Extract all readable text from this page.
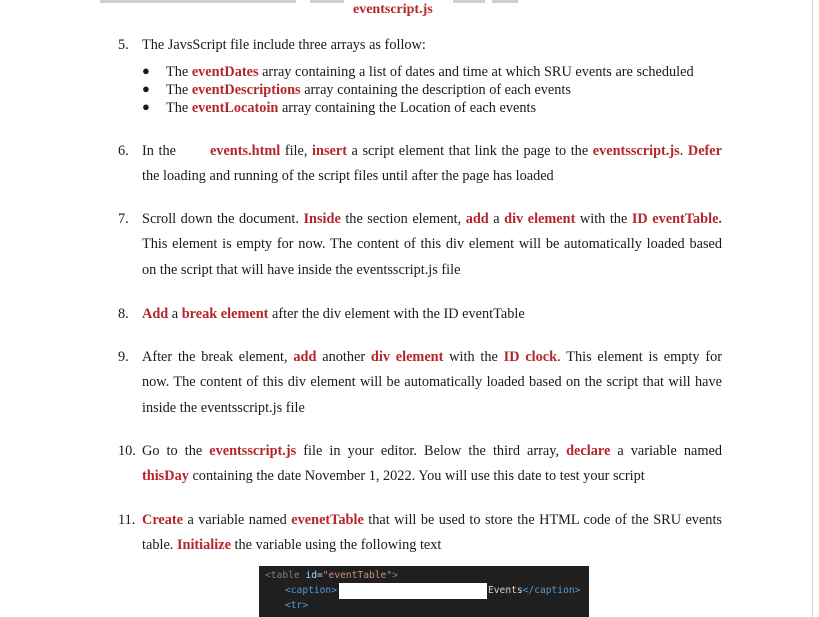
eventscript.js
5. The JavsScript file include three arrays as follow:
● The eventDates array containing a list of dates and time at which SRU events are scheduled
● The eventDescriptions array containing the description of each events
● The eventLocatoin array containing the Location of each events
6. In the events.html file, insert a script element that link the page to the eventsscript.js. Defer
the loading and running of the script files until after the page has loaded
7. Scroll down the document. Inside the section element, add a div element with the ID eventTable.
This element is empty for now. The content of this div element will be automatically loaded based
on the script that will have inside the eventsscript.js file
8. Add a break element after the div element with the ID eventTable
9. After the break element, add another div element with the ID clock. This element is empty for
now. The content of this div element will be automatically loaded based on the script that will have
inside the eventsscript.js file
10. Go to the eventsscript.js file in your editor. Below the third array, declare a variable named
thisDay containing the date November 1, 2022. You will use this date to test your script
11. Create a variable named evenetTable that will be used to store the HTML code of the SRU events
table. Initialize the variable using the following text
<table id="eventTable">
<caption>	Events</caption>
<tr>
